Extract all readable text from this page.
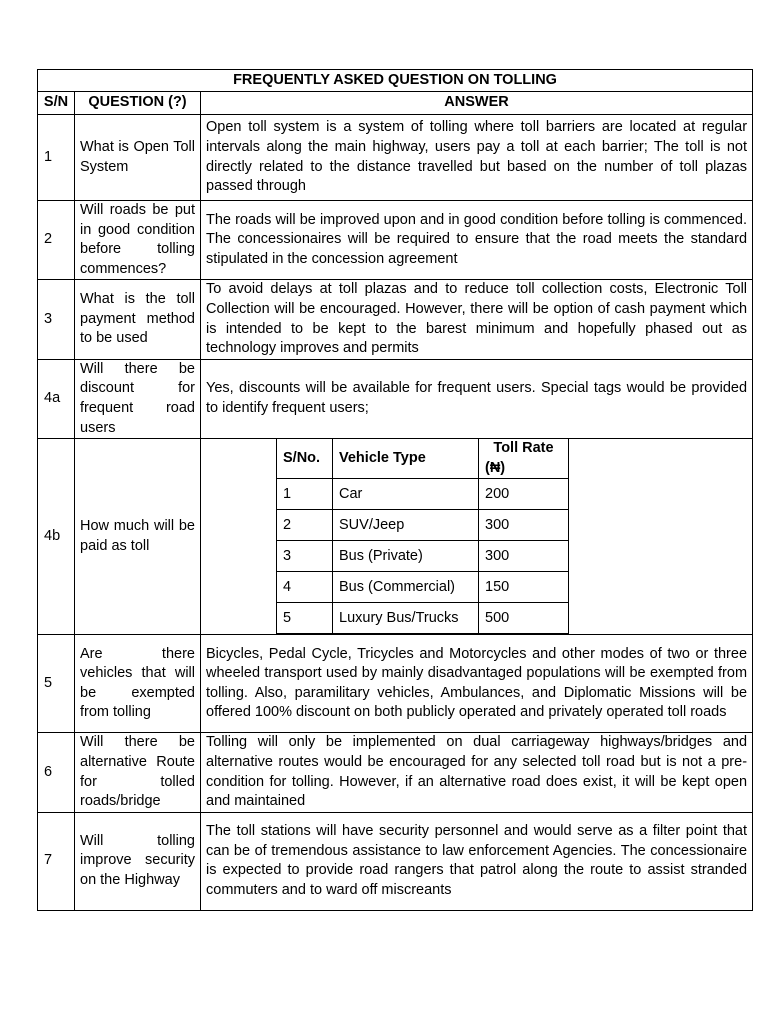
FREQUENTLY ASKED QUESTION ON TOLLING
S/N	QUESTION (?)	ANSWER
1	What is Open Toll System	Open toll system is a system of tolling where toll barriers are located at regular intervals along the main highway, users pay a toll at each barrier; The toll is not directly related to the distance travelled but based on the number of toll plazas passed through
2	Will roads be put in good condition before tolling commences?	The roads will be improved upon and in good condition before tolling is commenced. The concessionaires will be required to ensure that the road meets the standard stipulated in the concession agreement
3	What is the toll payment method to be used	To avoid delays at toll plazas and to reduce toll collection costs, Electronic Toll Collection will be encouraged. However, there will be option of cash payment which is intended to be kept to the barest minimum and hopefully phased out as technology improves and permits
4a	Will there be discount for frequent road users	Yes, discounts will be available for frequent users. Special tags would be provided to identify frequent users;
4b	How much will be paid as toll	
S/No.	Vehicle Type	Toll Rate (₦)
1	Car	200
2	SUV/Jeep	300
3	Bus (Private)	300
4	Bus (Commercial)	150
5	Luxury Bus/Trucks	500

5	Are there vehicles that will be exempted from tolling	Bicycles, Pedal Cycle, Tricycles and Motorcycles and other modes of two or three wheeled transport used by mainly disadvantaged populations will be exempted from tolling. Also, paramilitary vehicles, Ambulances, and Diplomatic Missions will be offered 100% discount on both publicly operated and privately operated toll roads
6	Will there be alternative Route for tolled roads/bridge	Tolling will only be implemented on dual carriageway highways/bridges and alternative routes would be encouraged for any selected toll road but is not a pre-condition for tolling. However, if an alternative road does exist, it will be kept open and maintained
7	Will tolling improve security on the Highway	The toll stations will have security personnel and would serve as a filter point that can be of tremendous assistance to law enforcement Agencies. The concessionaire is expected to provide road rangers that patrol along the route to assist stranded commuters and to ward off miscreants
